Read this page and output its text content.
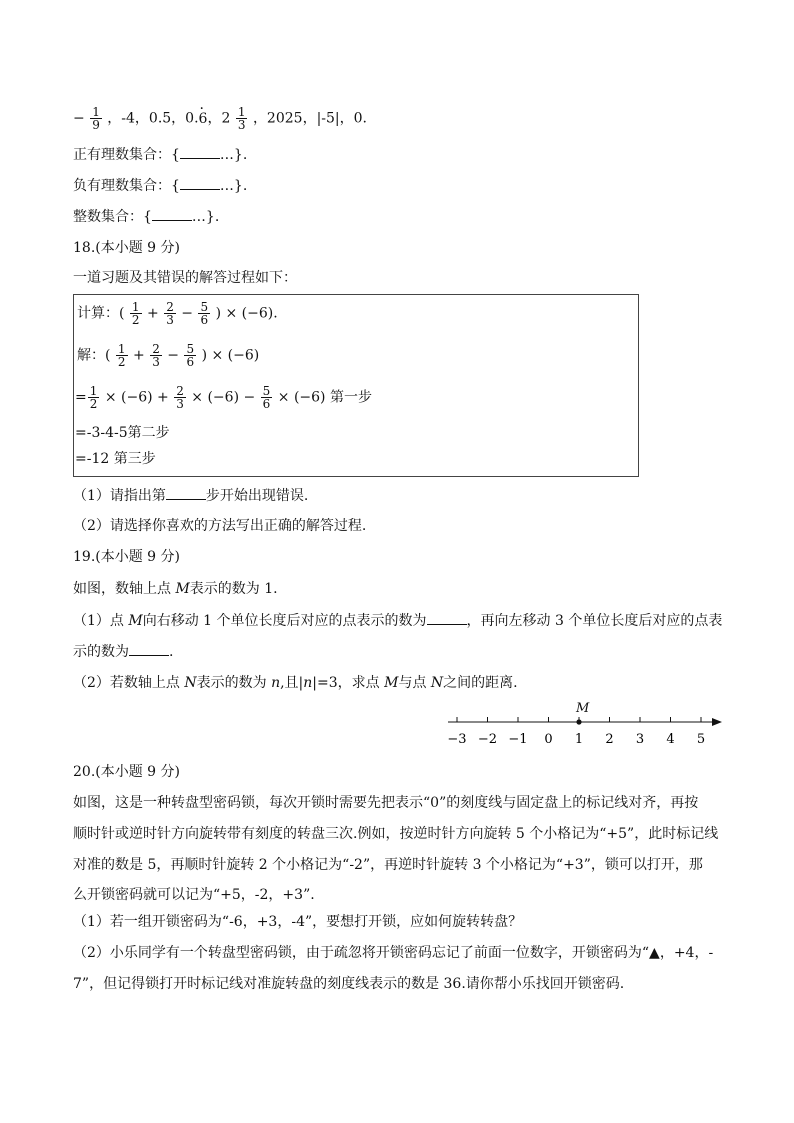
− $\frac{1}{9}$ ，-4，0.5，0.· 6，$2 \frac{1}{3}$ ，2025，|-5|，0.
正有理数集合：{	…}.
负有理数集合：{	…}.
整数集合：{	…}.
18.(本小题 9 分)
一道习题及其错误的解答过程如下：
计算：( $\frac{1}{2} + \frac{2}{3} - \frac{5}{6}$ ) × (−6).
解：( $\frac{1}{2} + \frac{2}{3} - \frac{5}{6}$ ) × (−6)
= $\frac{1}{2} \times (-6) + \frac{2}{3} \times (-6) - \frac{5}{6} \times (-6)$ 第一步
=-3-4-5第二步
=-12 第三步
（1）请指出第	步开始出现错误.
（2）请选择你喜欢的方法写出正确的解答过程.
19.(本小题 9 分)
如图，数轴上点 M表示的数为 1.
（1）点 M向右移动 1 个单位长度后对应的点表示的数为	，再向左移动 3 个单位长度后对应的点表
示的数为	.
（2）若数轴上点 N表示的数为 n,且|n|=3，求点 M与点 N之间的距离.
−3 −2 −1 0 1 2 3 4 5
M
20.(本小题 9 分)
如图，这是一种转盘型密码锁，每次开锁时需要先把表示“0”的刻度线与固定盘上的标记线对齐，再按
顺时针或逆时针方向旋转带有刻度的转盘三次.例如，按逆时针方向旋转 5 个小格记为“+5”，此时标记线
对准的数是 5，再顺时针旋转 2 个小格记为“-2”，再逆时针旋转 3 个小格记为“+3”，锁可以打开，那
么开锁密码就可以记为“+5，-2，+3”.
（1）若一组开锁密码为“-6，+3，-4”，要想打开锁，应如何旋转转盘？
（2）小乐同学有一个转盘型密码锁，由于疏忽将开锁密码忘记了前面一位数字，开锁密码为“▲，+4，-
7”，但记得锁打开时标记线对准旋转盘的刻度线表示的数是 36.请你帮小乐找回开锁密码.
